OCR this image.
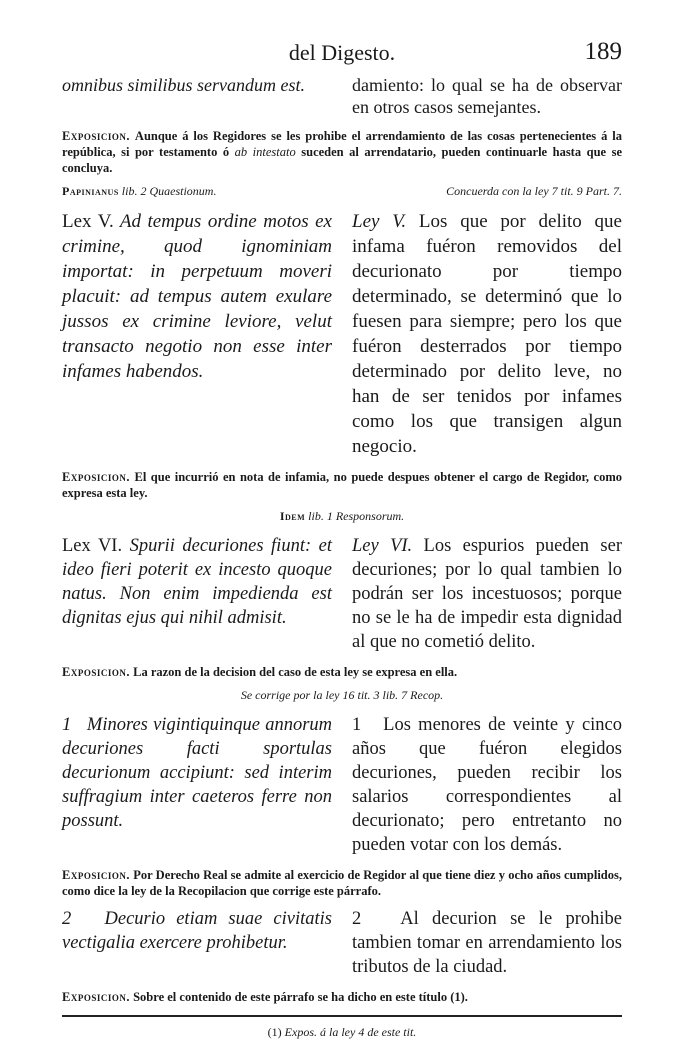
del Digesto.	189
omnibus similibus servandum est.	damiento: lo qual se ha de observar en otros casos semejantes.
Exposicion. Aunque á los Regidores se les prohibe el arrendamiento de las cosas pertenecientes á la república, si por testamento ó ab intestato suceden al arrendatario, pueden continuarle hasta que se concluya.
Papinianus lib. 2 Quaestionum.	Concuerda con la ley 7 tit. 9 Part. 7.
Lex V. Ad tempus ordine motos ex crimine, quod ignominiam importat: in perpetuum moveri placuit: ad tempus autem exulare jussos ex crimine leviore, velut transacto negotio non esse inter infames habendos.
Ley V. Los que por delito que infama fuéron removidos del decurionato por tiempo determinado, se determinó que lo fuesen para siempre; pero los que fuéron desterrados por tiempo determinado por delito leve, no han de ser tenidos por infames como los que transigen algun negocio.
Exposicion. El que incurrió en nota de infamia, no puede despues obtener el cargo de Regidor, como expresa esta ley.
Idem lib. 1 Responsorum.
Lex VI. Spurii decuriones fiunt: et ideo fieri poterit ex incesto quoque natus. Non enim impedienda est dignitas ejus qui nihil admisit.
Ley VI. Los espurios pueden ser decuriones; por lo qual tambien lo podrán ser los incestuosos; porque no se le ha de impedir esta dignidad al que no cometió delito.
Exposicion. La razon de la decision del caso de esta ley se expresa en ella.
Se corrige por la ley 16 tit. 3 lib. 7 Recop.
1 Minores vigintiquinque annorum decuriones facti sportulas decurionum accipiunt: sed interim suffragium inter caeteros ferre non possunt.
1 Los menores de veinte y cinco años que fuéron elegidos decuriones, pueden recibir los salarios correspondientes al decurionato; pero entretanto no pueden votar con los demás.
Exposicion. Por Derecho Real se admite al exercicio de Regidor al que tiene diez y ocho años cumplidos, como dice la ley de la Recopilacion que corrige este párrafo.
2 Decurio etiam suae civitatis vectigalia exercere prohibetur.
2 Al decurion se le prohibe tambien tomar en arrendamiento los tributos de la ciudad.
Exposicion. Sobre el contenido de este párrafo se ha dicho en este título (1).
(1) Expos. á la ley 4 de este tit.
